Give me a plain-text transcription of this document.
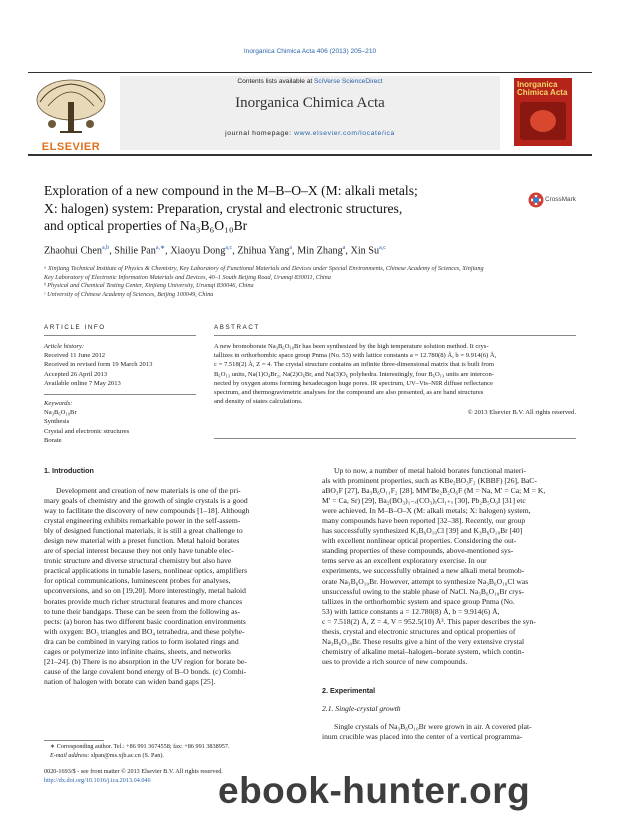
Inorganica Chimica Acta 406 (2013) 205–210
ELSEVIER
Contents lists available at SciVerse ScienceDirect
Inorganica Chimica Acta
journal homepage: www.elsevier.com/locate/ica
Inorganica
Chimica Acta
Exploration of a new compound in the M–B–O–X (M: alkali metals;
X: halogen) system: Preparation, crystal and electronic structures,
and optical properties of Na₃B₆O₁₀Br
CrossMark
Zhaohui Chen$^{a,b}$, Shilie Pan$^{a,∗}$, Xiaoyu Dong$^{a,c}$, Zhihua Yang$^a$, Min Zhang$^a$, Xin Su$^{a,c}$
ᵃ Xinjiang Technical Institute of Physics & Chemistry, Key Laboratory of Functional Materials and Devices under Special Environments, Chinese Academy of Sciences, Xinjiang
Key Laboratory of Electronic Information Materials and Devices, 40–1 South Beijing Road, Urumqi 830011, China
ᵇ Physical and Chemical Testing Center, Xinjiang University, Urumqi 830046, China
ᶜ University of Chinese Academy of Sciences, Beijing 100049, China
ARTICLE INFO	ABSTRACT
Article history:
Received 11 June 2012
Received in revised form 19 March 2013
Accepted 26 April 2013
Available online 7 May 2013
Keywords:
Na₃B₆O₁₀Br
Synthesis
Crystal and electronic structures
Borate
A new bromoborate Na₃B₆O₁₀Br has been synthesized by the high temperature solution method. It crys-
tallizes in orthorhombic space group Pnma (No. 53) with lattice constants a = 12.780(8) Å, b = 9.914(6) Å,
c = 7.518(2) Å, Z = 4. The crystal structure contains an infinite three-dimensional matrix that is built from
B₆O₁₃ units, Na(1)O₄Br₂, Na(2)O₆Br, and Na(3)O₆ polyhedra. Interestingly, four B₆O₁₃ units are intercon-
nected by oxygen atoms forming hexadecagon huge pores. IR spectrum, UV–Vis–NIR diffuse reflectance
spectrum, and thermogravimetric analyses for the compound are also presented, as are band structures
and density of states calculations.
© 2013 Elsevier B.V. All rights reserved.
1. Introduction
Development and creation of new materials is one of the pri-
mary goals of chemistry and the growth of single crystals is a good
way to facilitate the discovery of new compounds [1–18]. Although
crystal engineering exhibits remarkable power in the self-assem-
bly of designed functional materials, it is still a great challenge to
design new material with a preset function. Metal haloid borates
are of special interest because they not only have tunable elec-
tronic structure and diverse structural chemistry but also have
practical applications in tunable lasers, nonlinear optics, amplifiers
for optical communications, luminescent probes for analyses,
upconversions, and so on [19,20]. More interestingly, metal haloid
borates provide much richer structural features and more chances
to tune their bandgaps. These can be seen from the following as-
pects: (a) boron has two different basic coordination environments
with oxygen: BO₃ triangles and BO₄ tetrahedra, and these polyhe-
dra can be combined in varying ratios to form isolated rings and
cages or polymerize into infinite chains, sheets, and networks
[21–24]. (b) There is no absorption in the UV region for borate be-
cause of the large covalent bond energy of B–O bonds. (c) Combi-
nation of halogen with borate can widen band gaps [25].
Up to now, a number of metal haloid borates functional materi-
als with prominent properties, such as KBe₂BO₃F₂ (KBBF) [26], BaC-
aBO₃F [27], Ba₃B₆O₁₁F₂ [28], MM′Be₂B₂O₆F (M = Na, M′ = Ca; M = K,
M′ = Ca, Sr) [29], Ba₂(BO₃)₁₋ₓ(CO₃)ₓCl₁₊ₓ [30], Pb₂B₅O₉I [31] etc
were achieved. In M–B–O–X (M: alkali metals; X: halogen) system,
many compounds have been reported [32–38]. Recently, our group
has successfully synthesized K₃B₆O₁₀Cl [39] and K₃B₆O₁₀Br [40]
with excellent nonlinear optical properties. Considering the out-
standing properties of these compounds, above-mentioned sys-
tems serve as an excellent exploratory exercise. In our
experiments, we successfully obtained a new alkali metal bromob-
orate Na₃B₆O₁₀Br. However, attempt to synthesize Na₃B₆O₁₀Cl was
unsuccessful owing to the stable phase of NaCl. Na₃B₆O₁₀Br crys-
tallizes in the orthorhombic system and space group Pnma (No.
53) with lattice constants a = 12.780(8) Å, b = 9.914(6) Å,
c = 7.518(2) Å, Z = 4, V = 952.5(10) Å³. This paper describes the syn-
thesis, crystal and electronic structures and optical properties of
Na₃B₆O₁₀Br. These results give a hint of the very extensive crystal
chemistry of alkaline metal–halogen–borate system, which contin-
ues to provide a rich source of new compounds.
2. Experimental
2.1. Single-crystal growth
Single crystals of Na₃B₆O₁₀Br were grown in air. A covered plat-
inum crucible was placed into the center of a vertical programma-
∗ Corresponding author. Tel.: +86 991 3674558; fax: +86 991 3838957.
E-mail address: slpan@ms.xjb.ac.cn (S. Pan).
0020-1693/$ - see front matter © 2013 Elsevier B.V. All rights reserved.
http://dx.doi.org/10.1016/j.ica.2013.04.046	ebook-hunter.org
